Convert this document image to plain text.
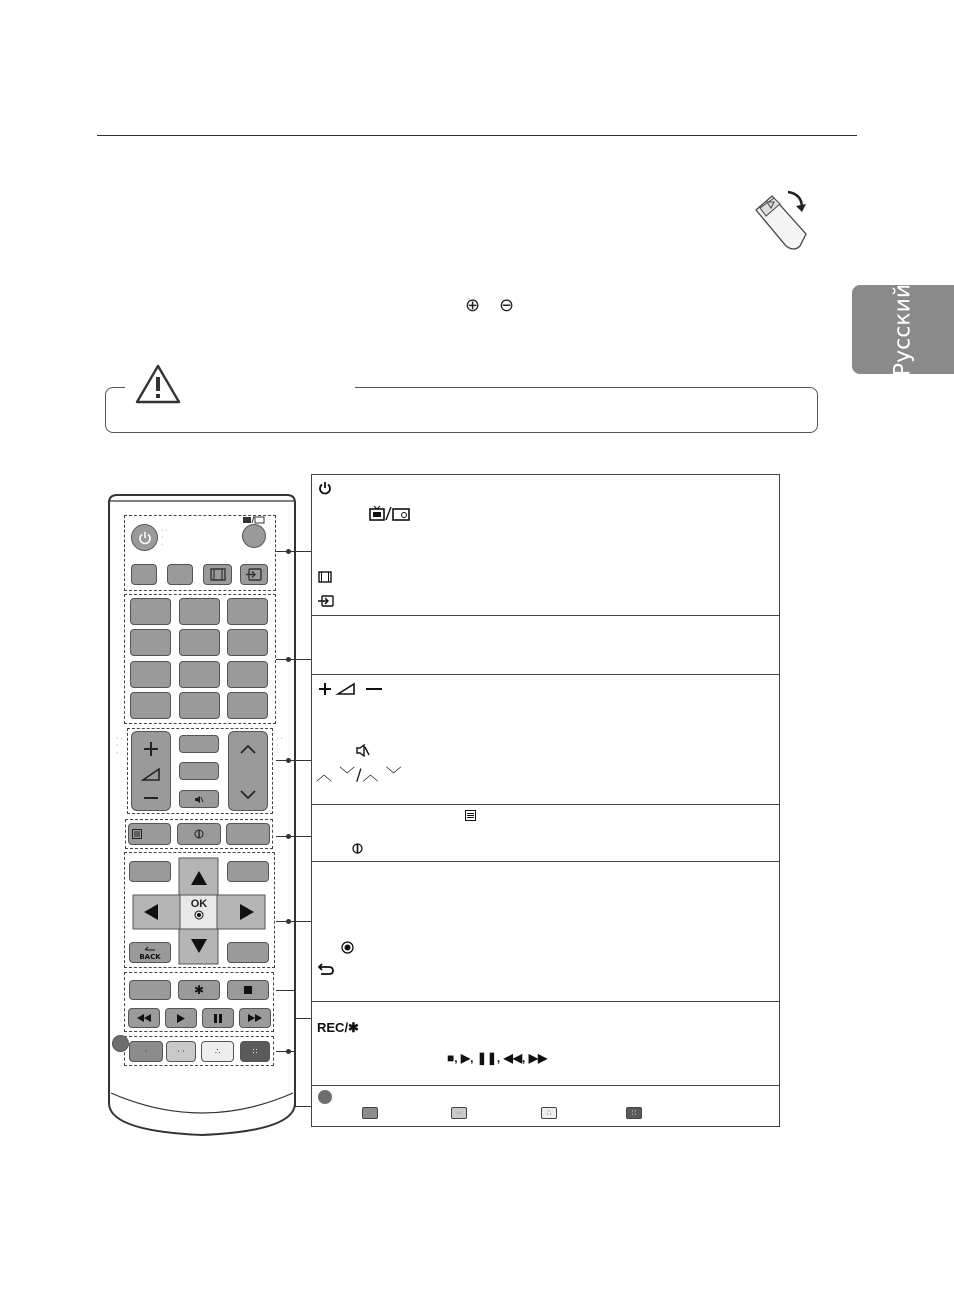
⊕ ⊖	Русский
· ·
·
·
· ·
·
·
· ·
·
·

BACK
OK

✱
·	· ·	∴	∷
︿ ﹀/︿ ﹀
REC/✱
■, ▶, ❚❚, ◀◀, ▶▶
·	··	∴	∷
